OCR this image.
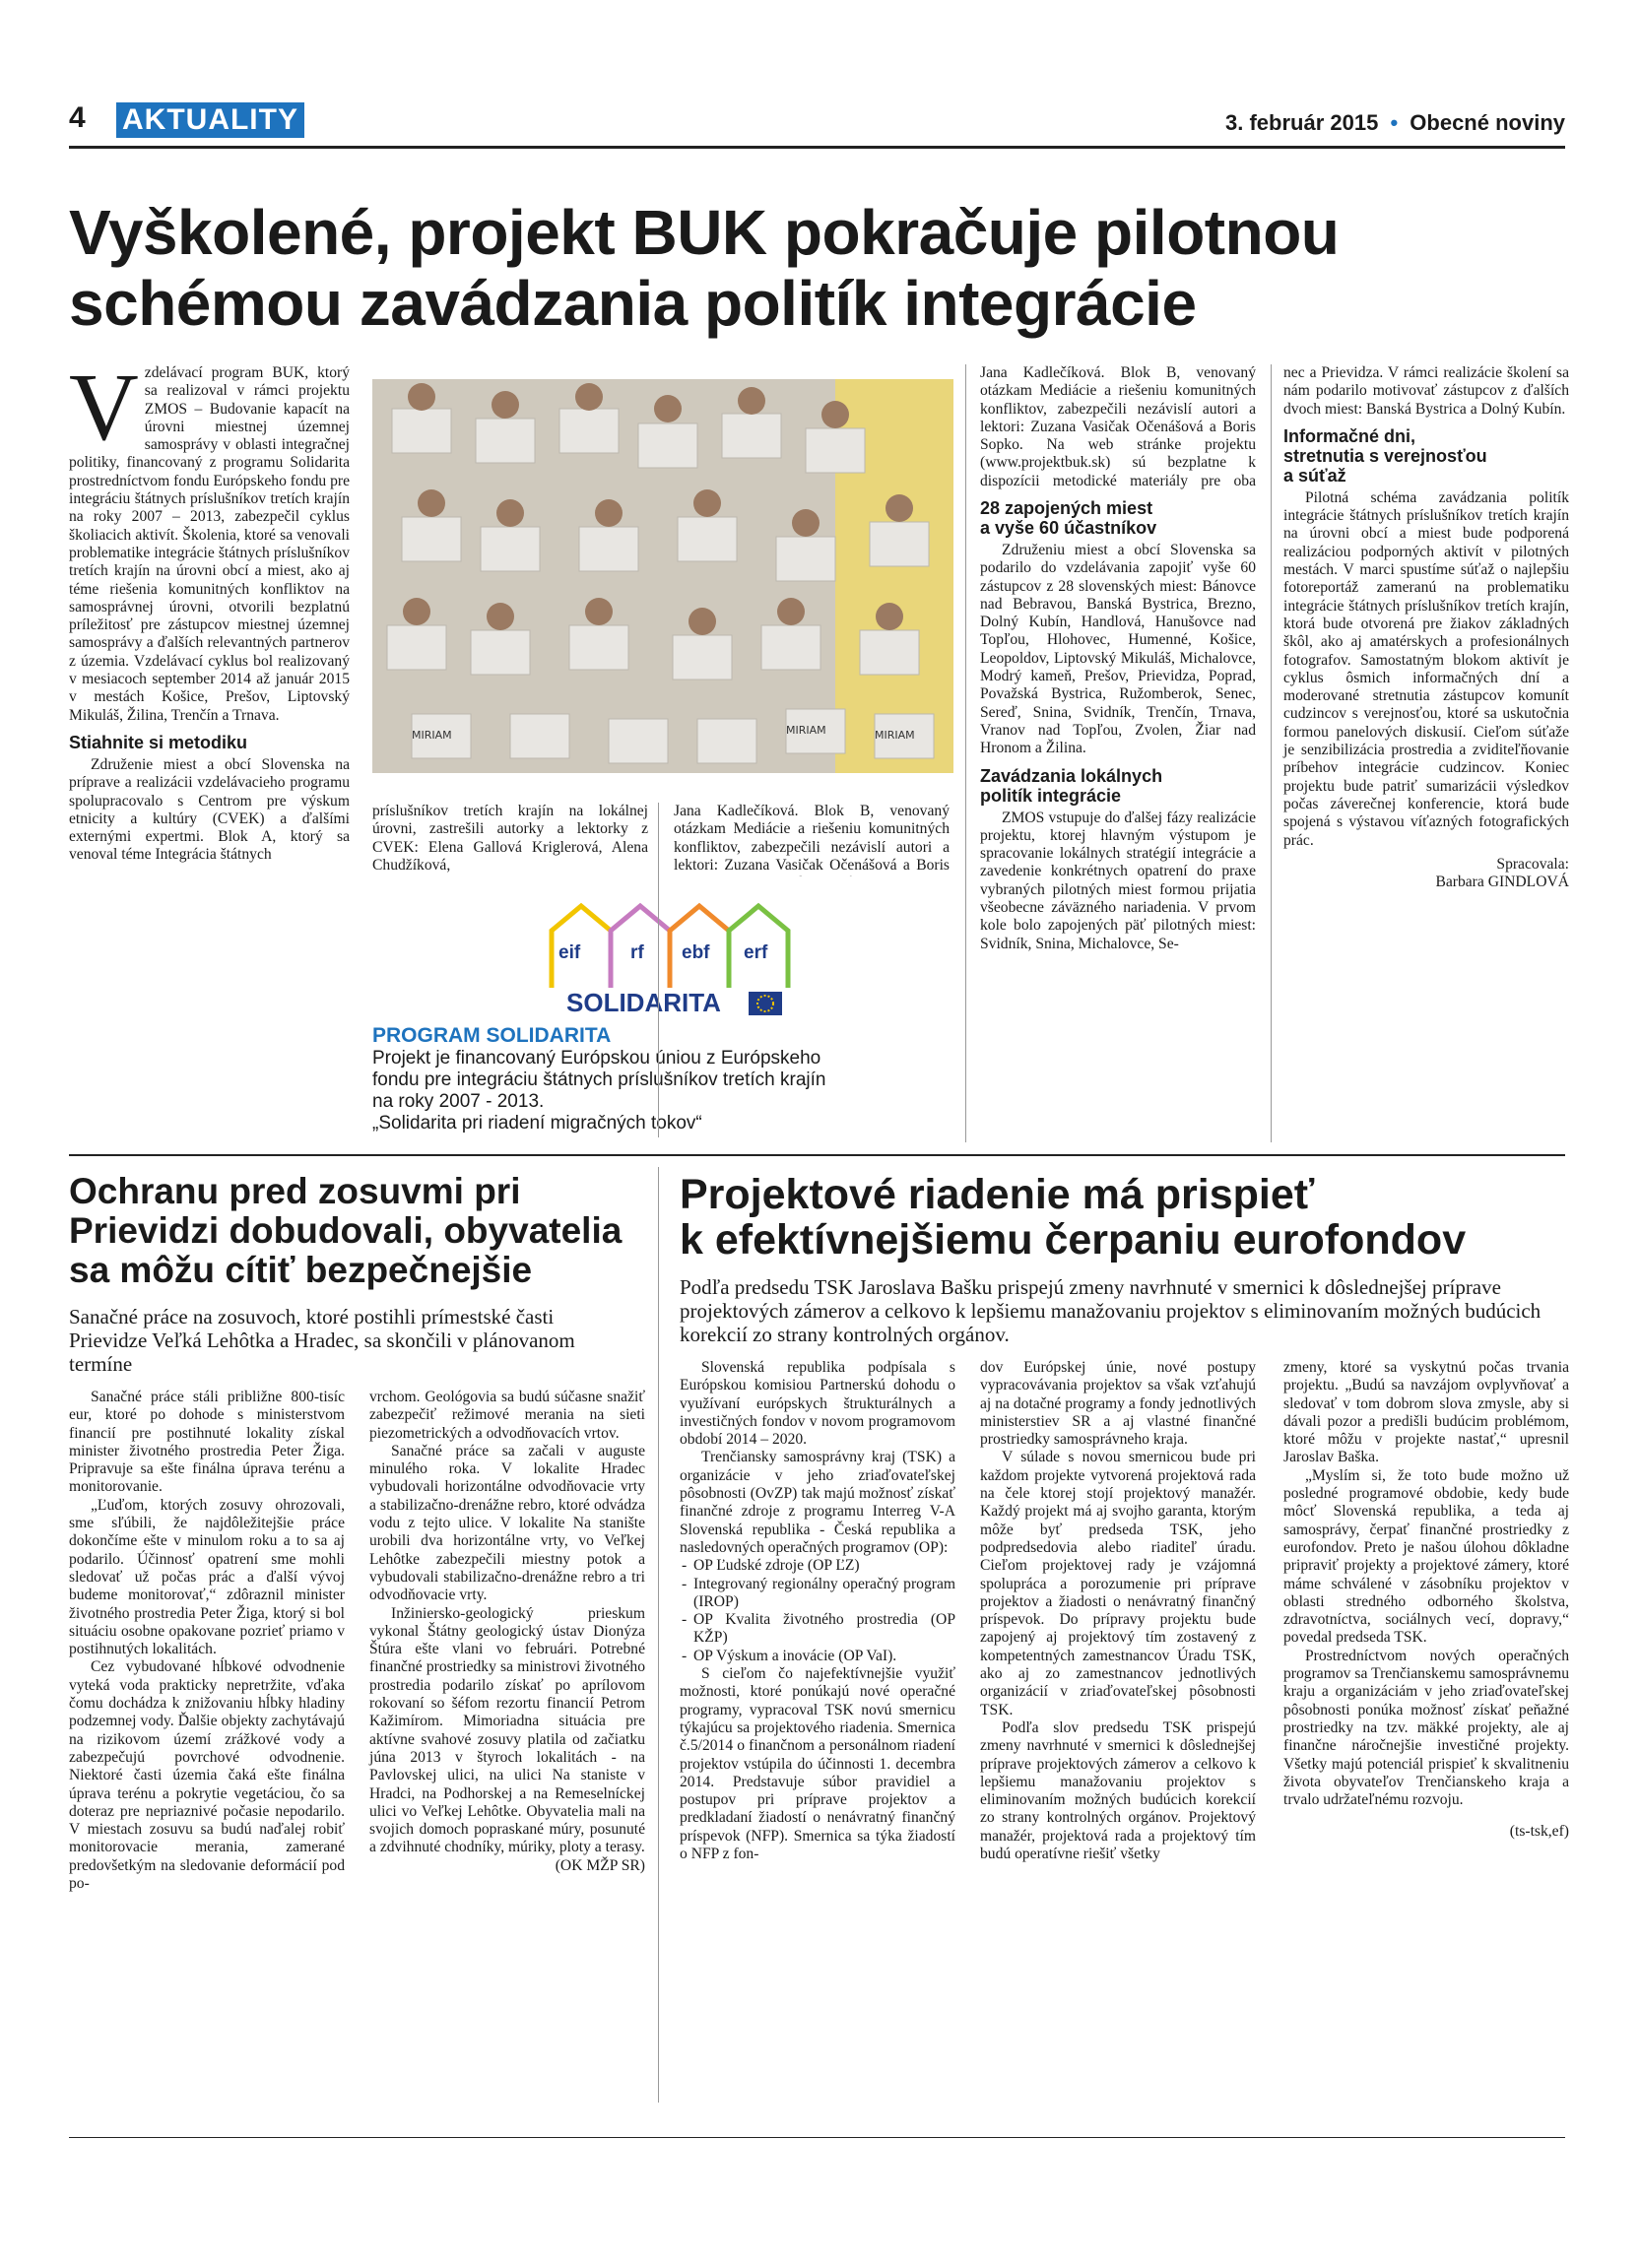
4 AKTUALITY	3. február 2015 • Obecné noviny
Vyškolené, projekt BUK pokračuje pilotnou
schémou zavádzania politík integrácie
V zdelávací program BUK, ktorý sa realizoval v rámci projektu ZMOS – Budovanie kapacít na úrovni miestnej územnej samosprávy v oblasti integračnej politiky, financovaný z programu Solidarita prostredníctvom fondu Európskeho fondu pre integráciu štátnych príslušníkov tretích krajín na roky 2007 – 2013, zabezpečil cyklus školiacich aktivít. Školenia, ktoré sa venovali problematike integrácie štátnych príslušníkov tretích krajín na úrovni obcí a miest, ako aj téme riešenia komunitných konfliktov na samosprávnej úrovni, otvorili bezplatnú príležitosť pre zástupcov miestnej územnej samosprávy a ďalších relevantných partnerov z územia. Vzdelávací cyklus bol realizovaný v mesiacoch september 2014 až január 2015 v mestách Košice, Prešov, Liptovský Mikuláš, Žilina, Trenčín a Trnava.

Stiahnite si metodiku

Združenie miest a obcí Slovenska na príprave a realizácii vzdelávacieho programu spolupracovalo s Centrom pre výskum etnicity a kultúry (CVEK) a ďalšími externými expertmi. Blok A, ktorý sa venoval téme Integrácia štátnych

MIRIAM	MIRIAM
MIRIAM

príslušníkov tretích krajín na lokálnej úrovni, zastrešili autorky a lektorky z CVEK: Elena Gallová Kriglerová, Alena Chudžíková,

Jana Kadlečíková. Blok B, venovaný otázkam Mediácie a riešeniu komunitných konfliktov, zabezpečili nezávislí autori a lektori: Zuzana Vasičak Očenášová a Boris

eif	rf ebf erf
SOLIDARITA
PROGRAM SOLIDARITA
Projekt je financovaný Európskou úniou z Európskeho
fondu pre integráciu štátnych príslušníkov tretích krajín
na roky 2007 - 2013.
„Solidarita pri riadení migračných tokov“

Jana Kadlečíková. Blok B, venovaný otázkam Mediácie a riešeniu komunitných konfliktov, zabezpečili nezávislí autori a lektori: Zuzana Vasičak Očenášová a Boris Sopko. Na web stránke projektu (www.projektbuk.sk) sú bezplatne k dispozícii metodické materiály pre oba

28 zapojených miest
a vyše 60 účastníkov

Združeniu miest a obcí Slovenska sa podarilo do vzdelávania zapojiť vyše 60 zástupcov z 28 slovenských miest: Bánovce nad Bebravou, Banská Bystrica, Brezno, Dolný Kubín, Handlová, Hanušovce nad Topľou, Hlohovec, Humenné, Košice, Leopoldov, Liptovský Mikuláš, Michalovce, Modrý kameň, Prešov, Prievidza, Poprad, Považská Bystrica, Ružomberok, Senec, Sereď, Snina, Svidník, Trenčín, Trnava, Vranov nad Topľou, Zvolen, Žiar nad Hronom a Žilina.

Zavádzania lokálnych
politík integrácie

ZMOS vstupuje do ďalšej fázy realizácie projektu, ktorej hlavným výstupom je spracovanie lokálnych stratégií integrácie a zavedenie konkrétnych opatrení do praxe vybraných pilotných miest formou prijatia všeobecne záväzného nariadenia. V prvom kole bolo zapojených päť pilotných miest: Svidník, Snina, Michalovce, Se-

nec a Prievidza. V rámci realizácie školení sa nám podarilo motivovať zástupcov z ďalších dvoch miest: Banská Bystrica a Dolný Kubín.

Informačné dni,
stretnutia s verejnosťou
a súťaž

Pilotná schéma zavádzania politík integrácie štátnych príslušníkov tretích krajín na úrovni obcí a miest bude podporená realizáciou podporných aktivít v pilotných mestách. V marci spustíme súťaž o najlepšiu fotoreportáž zameranú na problematiku integrácie štátnych príslušníkov tretích krajín, ktorá bude otvorená pre žiakov základných škôl, ako aj amatérskych a profesionálnych fotografov. Samostatným blokom aktivít je cyklus ôsmich informačných dní a moderované stretnutia zástupcov komunít cudzincov s verejnosťou, ktoré sa uskutočnia formou panelových diskusií. Cieľom súťaže je senzibilizácia prostredia a zviditeľňovanie príbehov integrácie cudzincov. Koniec projektu bude patriť sumarizácii výsledkov počas záverečnej konferencie, ktorá bude spojená s výstavou víťazných fotografických prác.

Spracovala:
Barbara GINDLOVÁ
Ochranu pred zosuvmi pri
Prievidzi dobudovali, obyvatelia
sa môžu cítiť bezpečnejšie
Sanačné práce na zosuvoch, ktoré postihli prímestské časti Prievidze Veľká Lehôtka a Hradec, sa skončili v plánovanom termíne

Sanačné práce stáli približne 800-tisíc eur, ktoré po dohode s ministerstvom financií pre postihnuté lokality získal minister životného prostredia Peter Žiga. Pripravuje sa ešte finálna úprava terénu a monitorovanie.

„Ľuďom, ktorých zosuvy ohrozovali, sme sľúbili, že najdôležitejšie práce dokončíme ešte v minulom roku a to sa aj podarilo. Účinnosť opatrení sme mohli sledovať už počas prác a ďalší vývoj budeme monitorovať,“ zdôraznil minister životného prostredia Peter Žiga, ktorý si bol situáciu osobne opakovane pozrieť priamo v postihnutých lokalitách.

Cez vybudované hĺbkové odvodnenie vyteká voda prakticky nepretržite, vďaka čomu dochádza k znižovaniu hĺbky hladiny podzemnej vody. Ďalšie objekty zachytávajú na rizikovom území zrážkové vody a zabezpečujú povrchové odvodnenie. Niektoré časti územia čaká ešte finálna úprava terénu a pokrytie vegetáciou, čo sa doteraz pre nepriaznivé počasie nepodarilo. V miestach zosuvu sa budú naďalej robiť monitorovacie merania, zamerané predovšetkým na sledovanie deformácií pod po-

vrchom. Geológovia sa budú súčasne snažiť zabezpečiť režimové merania na sieti piezometrických a odvodňovacích vrtov.

Sanačné práce sa začali v auguste minulého roka. V lokalite Hradec vybudovali horizontálne odvodňovacie vrty a stabilizačno-drenážne rebro, ktoré odvádza vodu z tejto ulice. V lokalite Na stanište urobili dva horizontálne vrty, vo Veľkej Lehôtke zabezpečili miestny potok a vybudovali stabilizačno-drenážne rebro a tri odvodňovacie vrty.

Inžiniersko-geologický prieskum vykonal Štátny geologický ústav Dionýza Štúra ešte vlani vo februári. Potrebné finančné prostriedky sa ministrovi životného prostredia podarilo získať po aprílovom rokovaní so šéfom rezortu financií Petrom Kažimírom. Mimoriadna situácia pre aktívne svahové zosuvy platila od začiatku júna 2013 v štyroch lokalitách - na Pavlovskej ulici, na ulici Na staniste v Hradci, na Podhorskej a na Remeselníckej ulici vo Veľkej Lehôtke. Obyvatelia mali na svojich domoch popraskané múry, posunuté a zdvihnuté chodníky, múriky, ploty a terasy.

(OK MŽP SR)
Projektové riadenie má prispieť
k efektívnejšiemu čerpaniu eurofondov
Podľa predsedu TSK Jaroslava Bašku prispejú zmeny navrhnuté v smernici k dôslednejšej príprave projektových zámerov a celkovo k lepšiemu manažovaniu projektov s eliminovaním možných budúcich korekcií zo strany kontrolných orgánov.

Slovenská republika podpísala s Európskou komisiou Partnerskú dohodu o využívaní európskych štrukturálnych a investičných fondov v novom programovom období 2014 – 2020.

Trenčiansky samosprávny kraj (TSK) a organizácie v jeho zriaďovateľskej pôsobnosti (OvZP) tak majú možnosť získať finančné zdroje z programu Interreg V-A Slovenská republika - Česká republika a nasledovných operačných programov (OP):

- OP Ľudské zdroje (OP ĽZ)
- Integrovaný regionálny operačný program (IROP)
- OP Kvalita životného prostredia (OP KŽP)
- OP Výskum a inovácie (OP VaI).

S cieľom čo najefektívnejšie využiť možnosti, ktoré ponúkajú nové operačné programy, vypracoval TSK novú smernicu týkajúcu sa projektového riadenia. Smernica č.5/2014 o finančnom a personálnom riadení projektov vstúpila do účinnosti 1. decembra 2014. Predstavuje súbor pravidiel a postupov pri príprave projektov a predkladaní žiadostí o nenávratný finančný príspevok (NFP). Smernica sa týka žiadostí o NFP z fon-

dov Európskej únie, nové postupy vypracovávania projektov sa však vzťahujú aj na dotačné programy a fondy jednotlivých ministerstiev SR a aj vlastné finančné prostriedky samosprávneho kraja.

V súlade s novou smernicou bude pri každom projekte vytvorená projektová rada na čele ktorej stojí projektový manažér. Každý projekt má aj svojho garanta, ktorým môže byť predseda TSK, jeho podpredsedovia alebo riaditeľ úradu. Cieľom projektovej rady je vzájomná spolupráca a porozumenie pri príprave projektov a žiadosti o nenávratný finančný príspevok. Do prípravy projektu bude zapojený aj projektový tím zostavený z kompetentných zamestnancov Úradu TSK, ako aj zo zamestnancov jednotlivých organizácií v zriaďovateľskej pôsobnosti TSK.

Podľa slov predsedu TSK prispejú zmeny navrhnuté v smernici k dôslednejšej príprave projektových zámerov a celkovo k lepšiemu manažovaniu projektov s eliminovaním možných budúcich korekcií zo strany kontrolných orgánov. Projektový manažér, projektová rada a projektový tím budú operatívne riešiť všetky

zmeny, ktoré sa vyskytnú počas trvania projektu. „Budú sa navzájom ovplyvňovať a sledovať v tom dobrom slova zmysle, aby si dávali pozor a predišli budúcim problémom, ktoré môžu v projekte nastať,“ upresnil Jaroslav Baška.

„Myslím si, že toto bude možno už posledné programové obdobie, kedy bude môcť Slovenská republika, a teda aj samosprávy, čerpať finančné prostriedky z eurofondov. Preto je našou úlohou dôkladne pripraviť projekty a projektové zámery, ktoré máme schválené v zásobníku projektov v oblasti stredného odborného školstva, zdravotníctva, sociálnych vecí, dopravy,“ povedal predseda TSK.

Prostredníctvom nových operačných programov sa Trenčianskemu samosprávnemu kraju a organizáciám v jeho zriaďovateľskej pôsobnosti ponúka možnosť získať peňažné prostriedky na tzv. mäkké projekty, ale aj finančne náročnejšie investičné projekty. Všetky majú potenciál prispieť k skvalitneniu života obyvateľov Trenčianskeho kraja a trvalo udržateľnému rozvoju.

(ts-tsk,ef)
